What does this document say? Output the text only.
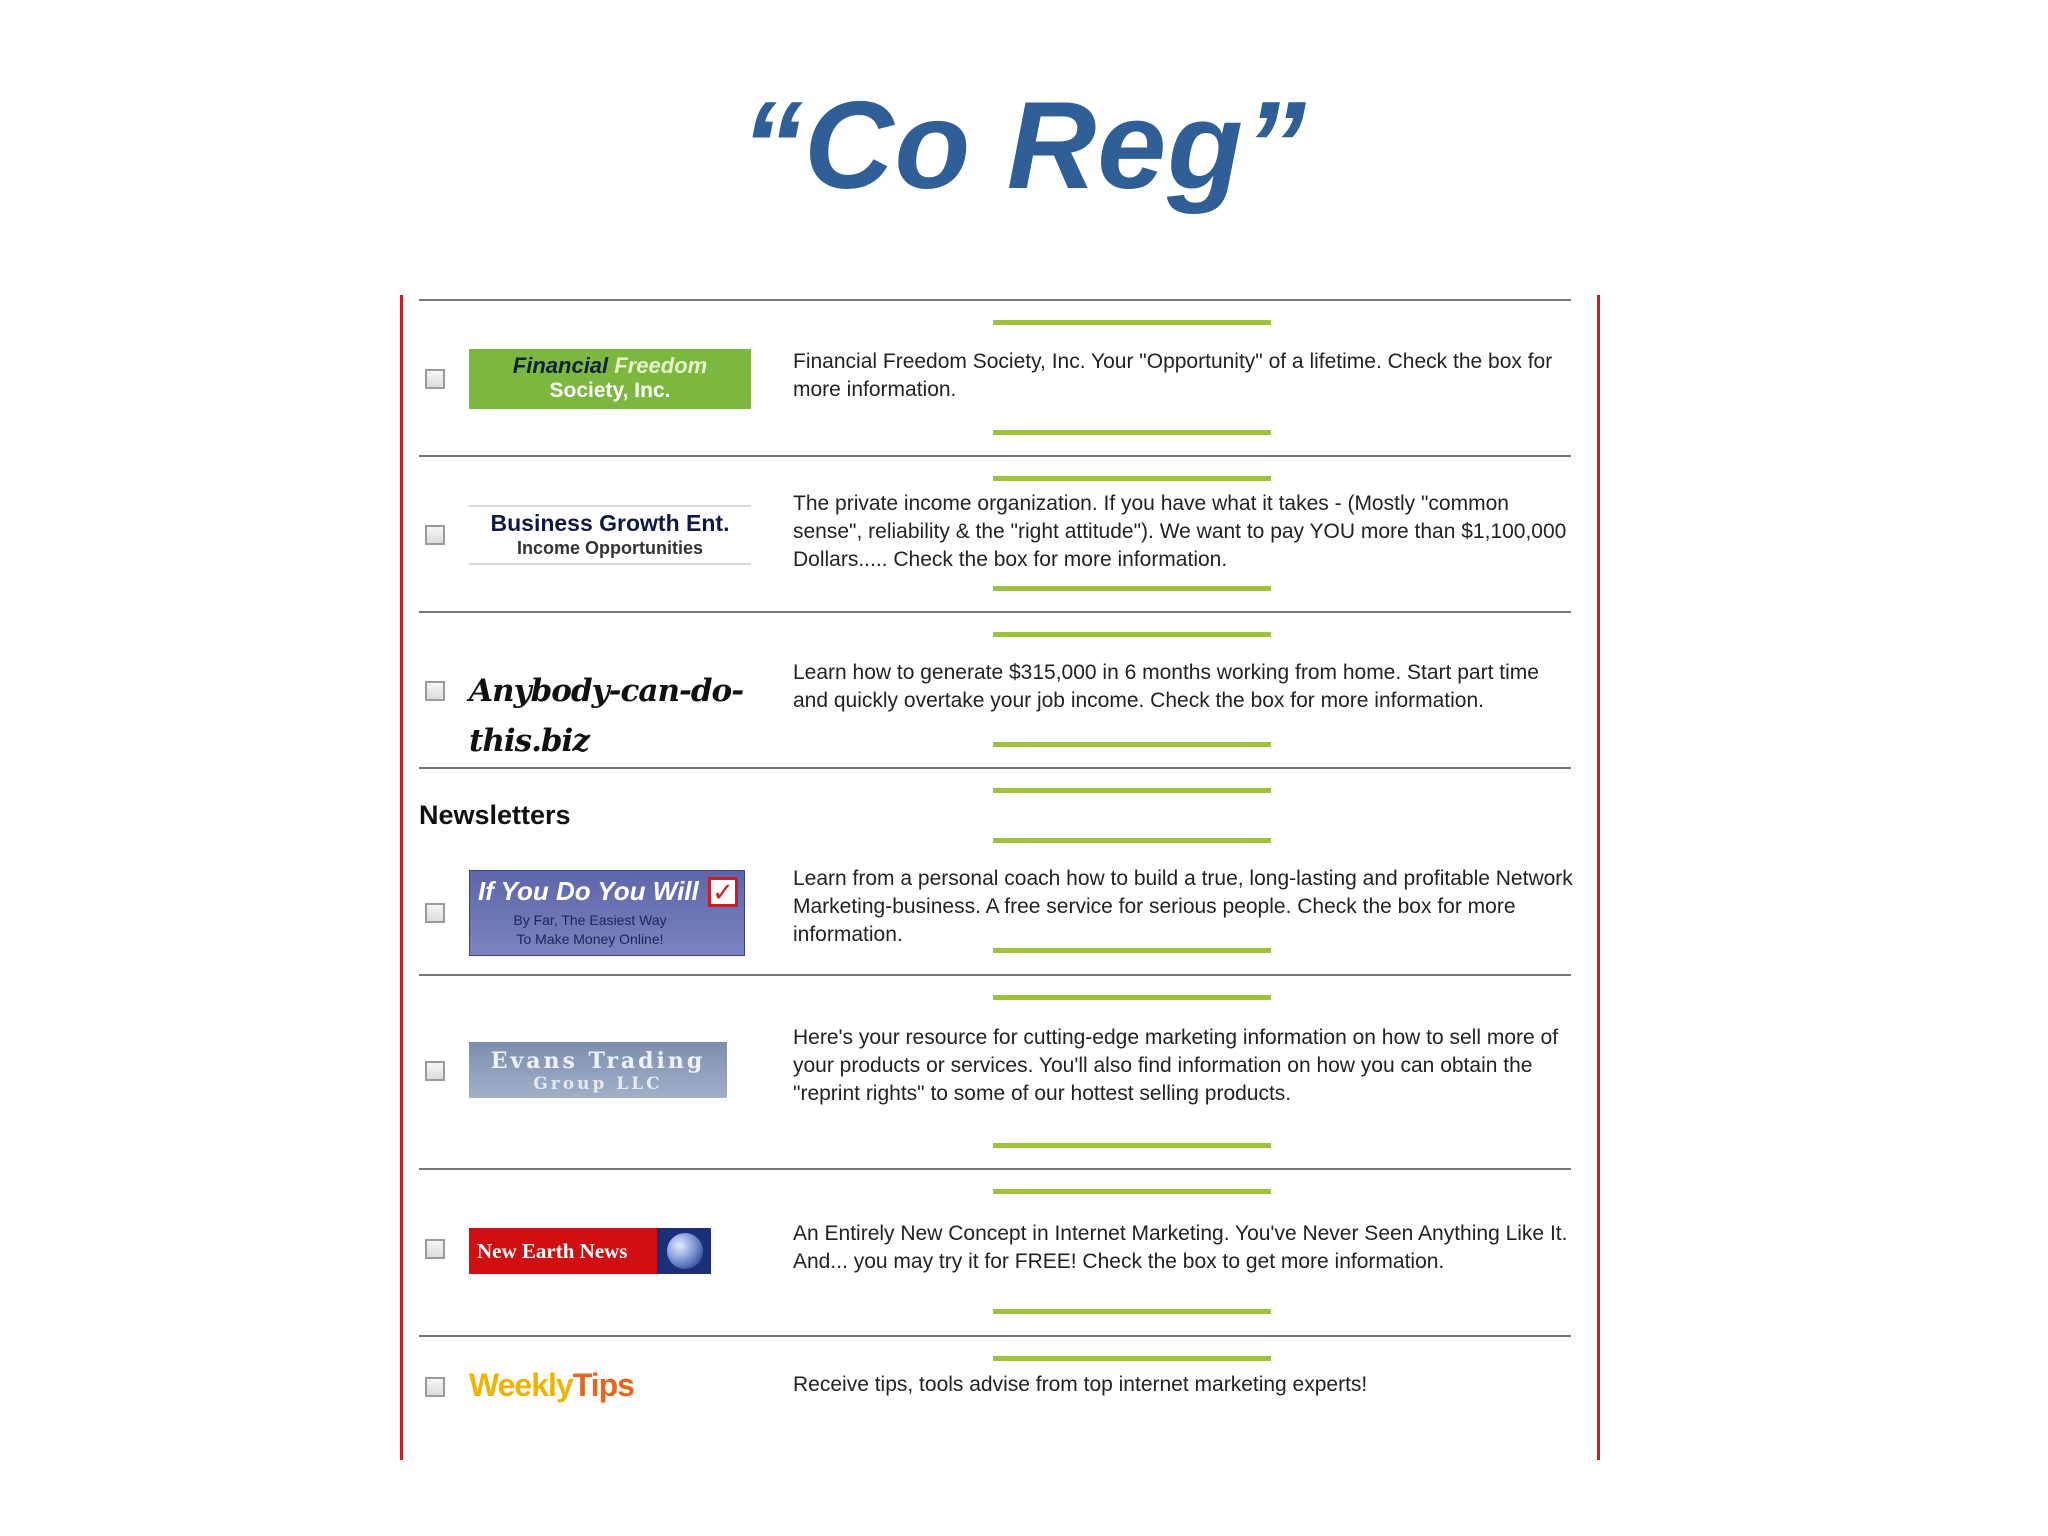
“Co Reg”
Financial Freedom
Society, Inc.

Financial Freedom Society, Inc. Your "Opportunity" of a lifetime. Check the box for more information.

Business Growth Ent.
Income Opportunities

The private income organization. If you have what it takes - (Mostly "common sense", reliability & the "right attitude"). We want to pay YOU more than $1,100,000 Dollars..... Check the box for more information.

Anybody-can-do-this.biz

Learn how to generate $315,000 in 6 months working from home. Start part time and quickly overtake your job income. Check the box for more information.

Newsletters
If You Do You Will ✓
By Far, The Easiest Way
To Make Money Online!

Learn from a personal coach how to build a true, long-lasting and profitable Network Marketing-business. A free service for serious people. Check the box for more information.

Evans Trading
Group LLC

Here's your resource for cutting-edge marketing information on how to sell more of your products or services. You'll also find information on how you can obtain the "reprint rights" to some of our hottest selling products.

New Earth News

An Entirely New Concept in Internet Marketing. You've Never Seen Anything Like It. And... you may try it for FREE! Check the box to get more information.

WeeklyTips	Receive tips, tools advise from top internet marketing experts!
